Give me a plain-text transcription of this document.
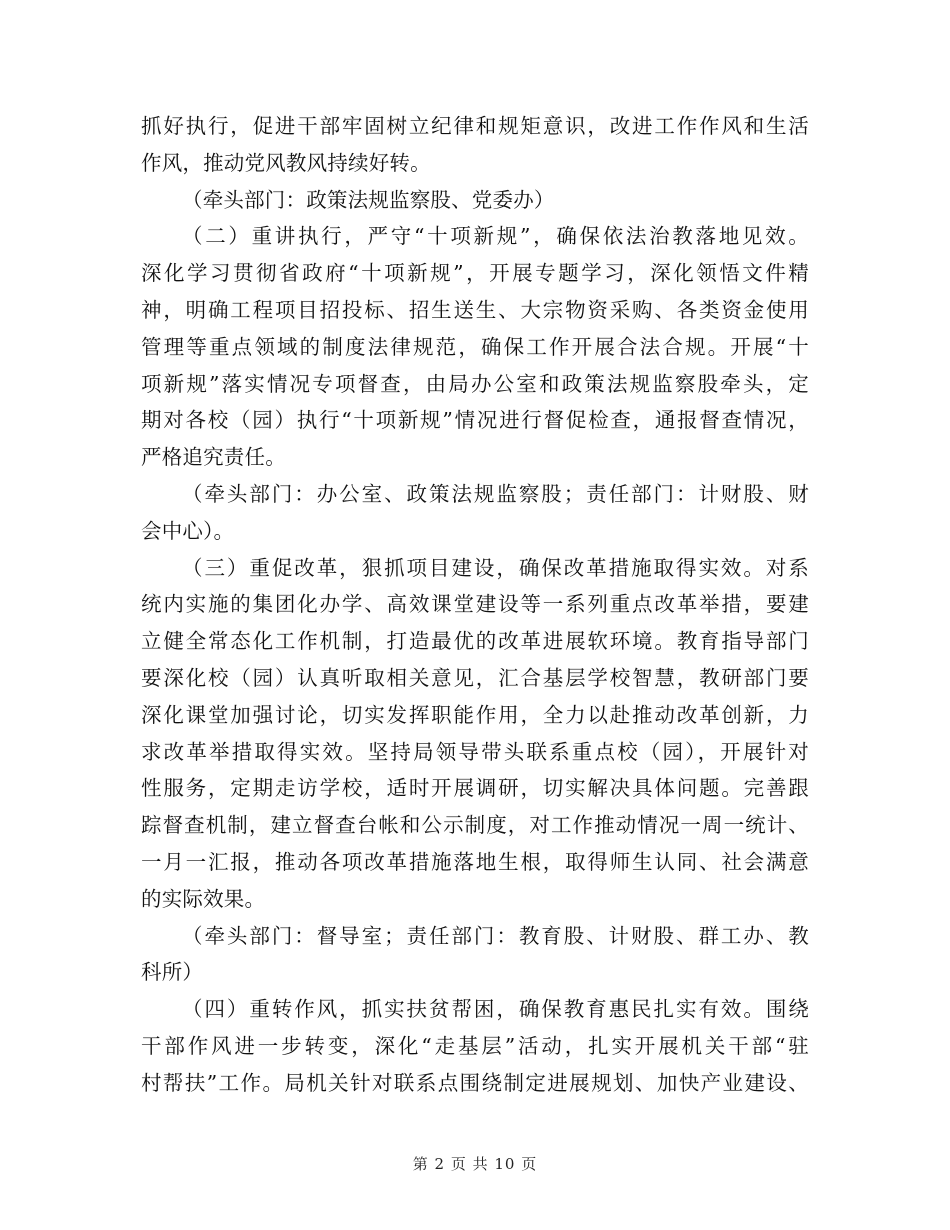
抓好执行，促进干部牢固树立纪律和规矩意识，改进工作作风和生活
作风，推动党风教风持续好转。
（牵头部门：政策法规监察股、党委办）
（二）重讲执行，严守“十项新规”，确保依法治教落地见效。
深化学习贯彻省政府“十项新规”，开展专题学习，深化领悟文件精
神，明确工程项目招投标、招生送生、大宗物资采购、各类资金使用
管理等重点领域的制度法律规范，确保工作开展合法合规。开展“十
项新规”落实情况专项督查，由局办公室和政策法规监察股牵头，定
期对各校（园）执行“十项新规”情况进行督促检查，通报督查情况，
严格追究责任。
（牵头部门：办公室、政策法规监察股；责任部门：计财股、财
会中心）。
（三）重促改革，狠抓项目建设，确保改革措施取得实效。对系
统内实施的集团化办学、高效课堂建设等一系列重点改革举措，要建
立健全常态化工作机制，打造最优的改革进展软环境。教育指导部门
要深化校（园）认真听取相关意见，汇合基层学校智慧，教研部门要
深化课堂加强讨论，切实发挥职能作用，全力以赴推动改革创新，力
求改革举措取得实效。坚持局领导带头联系重点校（园），开展针对
性服务，定期走访学校，适时开展调研，切实解决具体问题。完善跟
踪督查机制，建立督查台帐和公示制度，对工作推动情况一周一统计、
一月一汇报，推动各项改革措施落地生根，取得师生认同、社会满意
的实际效果。
（牵头部门：督导室；责任部门：教育股、计财股、群工办、教
科所）
（四）重转作风，抓实扶贫帮困，确保教育惠民扎实有效。围绕
干部作风进一步转变，深化“走基层”活动，扎实开展机关干部“驻
村帮扶”工作。局机关针对联系点围绕制定进展规划、加快产业建设、
第 2 页 共 10 页
